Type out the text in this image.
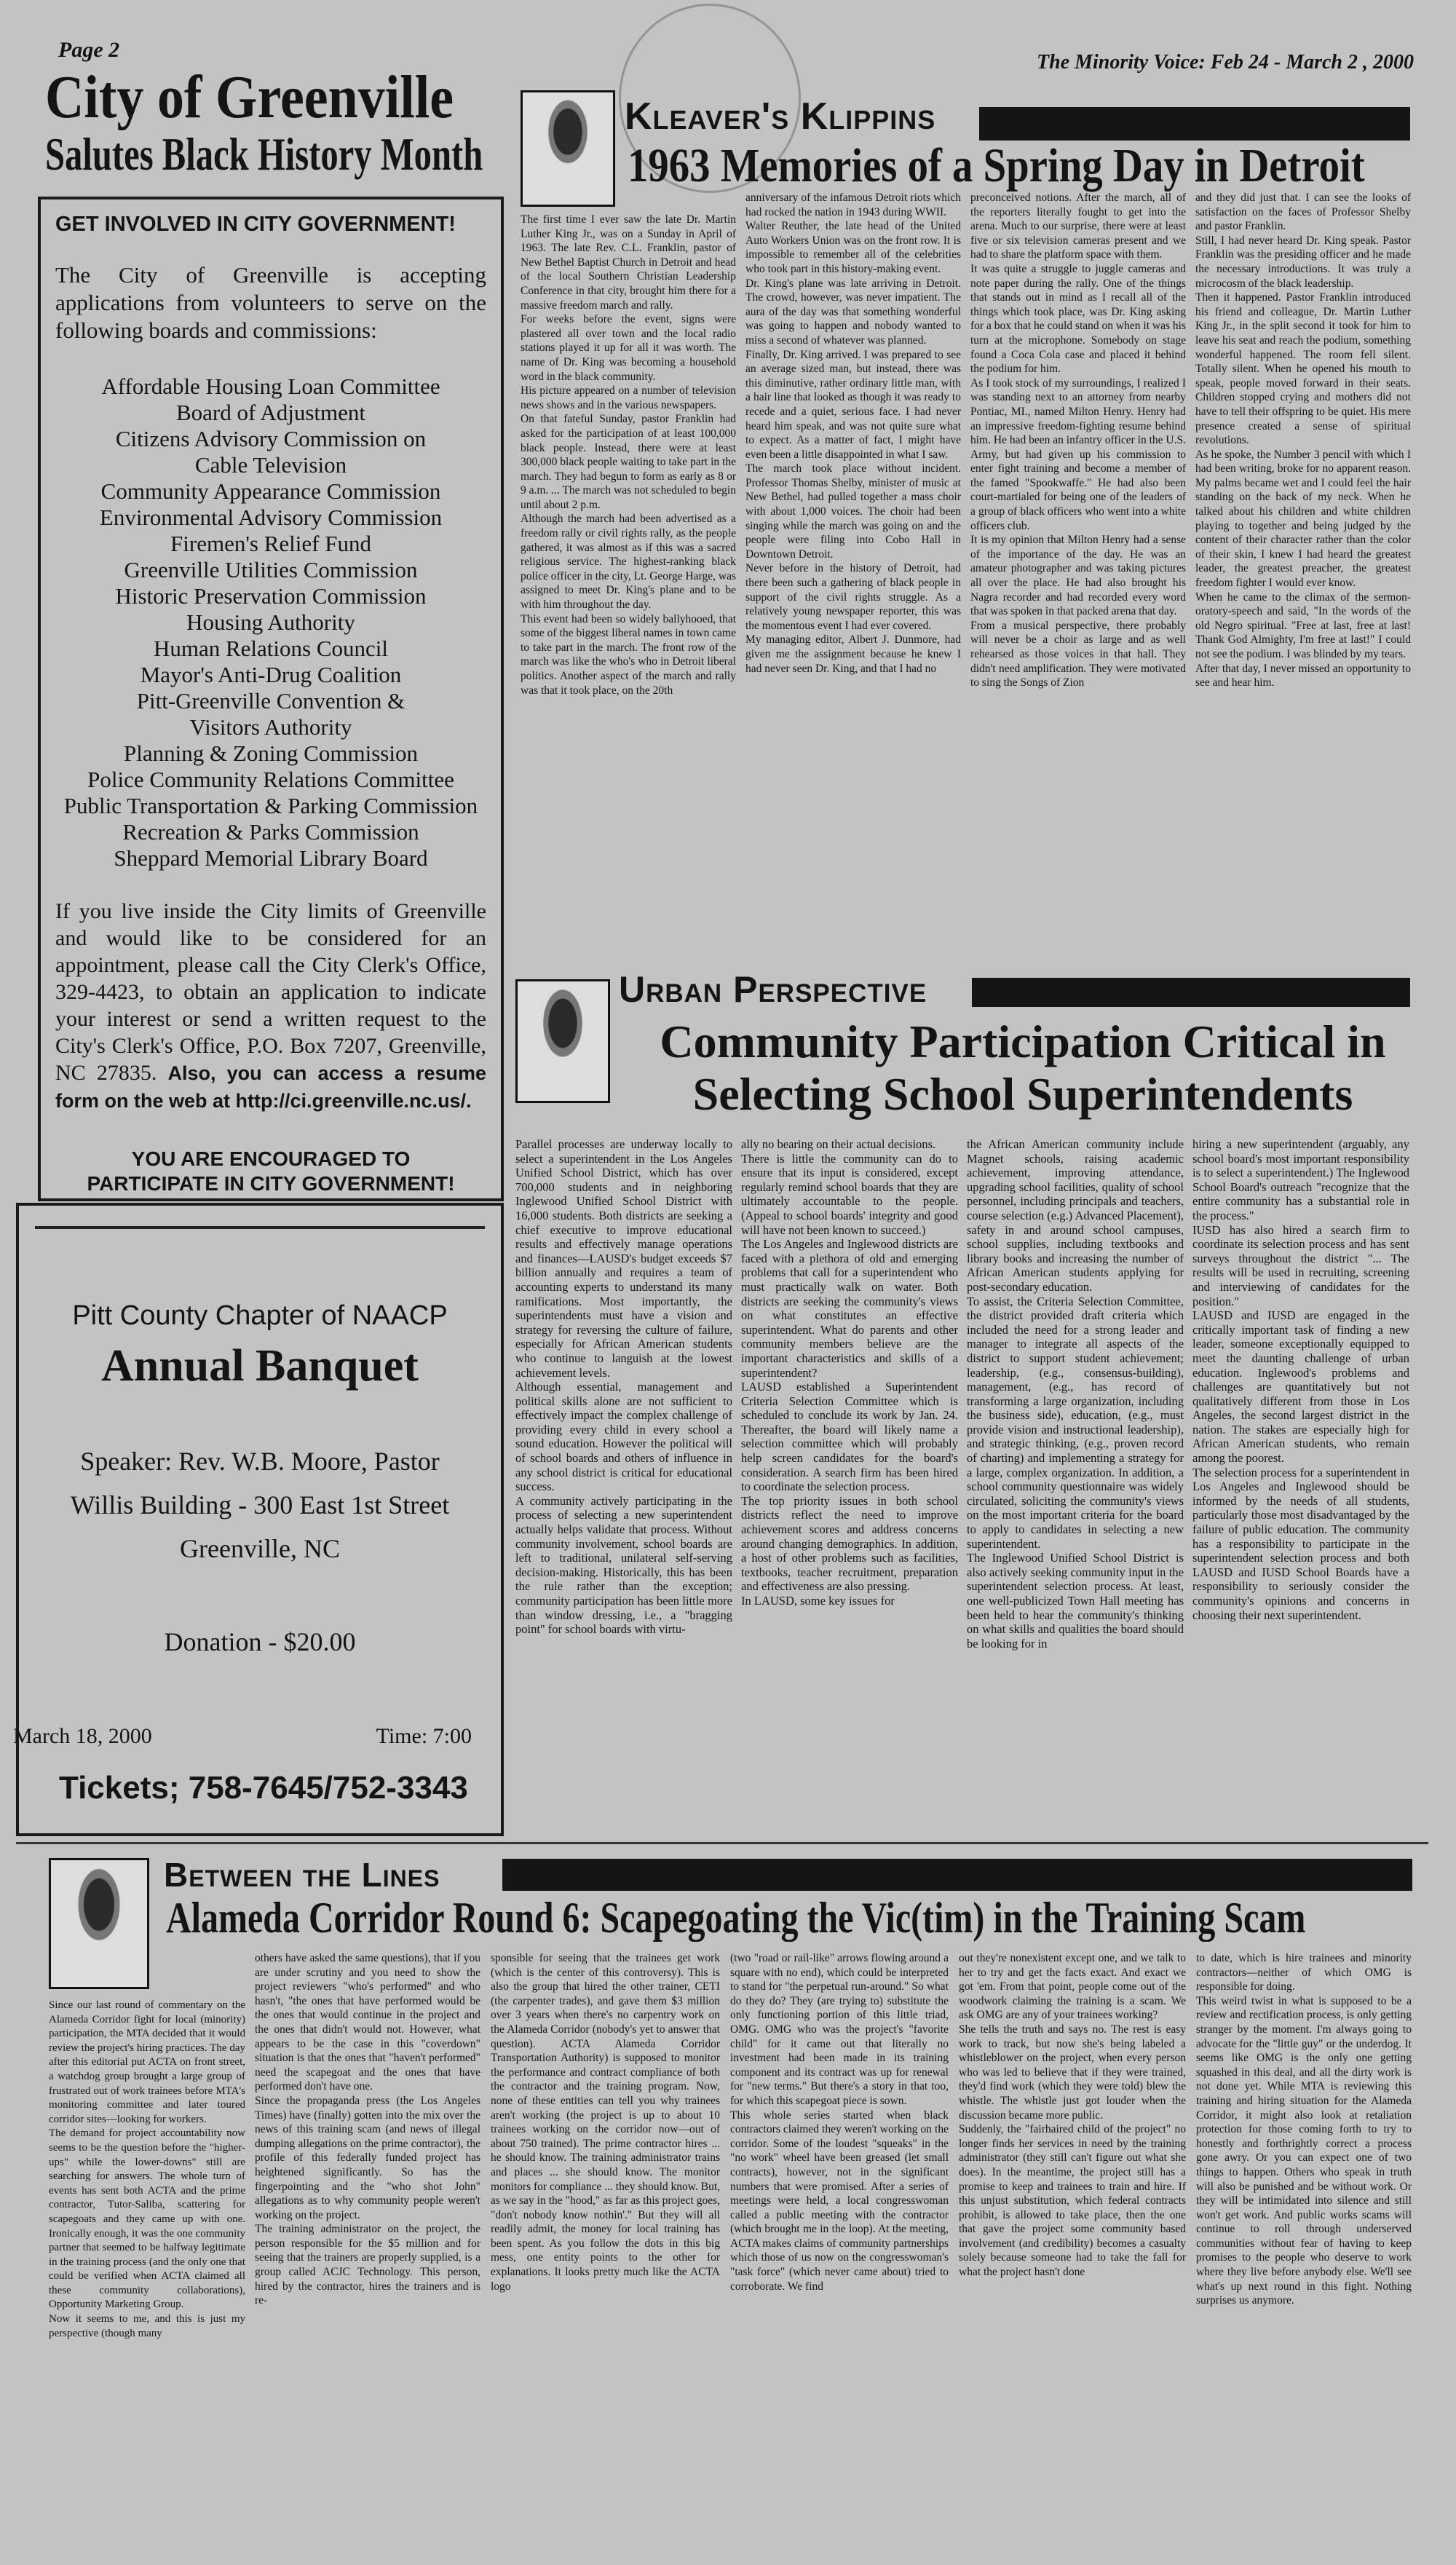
Page 2
The Minority Voice: Feb 24 - March 2 , 2000
City of Greenville Salutes Black History Month
GET INVOLVED IN CITY GOVERNMENT!
The City of Greenville is accepting applications from volunteers to serve on the following boards and commissions:
Affordable Housing Loan Committee
Board of Adjustment
Citizens Advisory Commission on
Cable Television
Community Appearance Commission
Environmental Advisory Commission
Firemen's Relief Fund
Greenville Utilities Commission
Historic Preservation Commission
Housing Authority
Human Relations Council
Mayor's Anti-Drug Coalition
Pitt-Greenville Convention &
Visitors Authority
Planning & Zoning Commission
Police Community Relations Committee
Public Transportation & Parking Commission
Recreation & Parks Commission
Sheppard Memorial Library Board
If you live inside the City limits of Greenville and would like to be considered for an appointment, please call the City Clerk's Office, 329-4423, to obtain an application to indicate your interest or send a written request to the City's Clerk's Office, P.O. Box 7207, Greenville, NC 27835. Also, you can access a resume form on the web at http://ci.greenville.nc.us/.
YOU ARE ENCOURAGED TO PARTICIPATE IN CITY GOVERNMENT!
Pitt County Chapter of NAACP
Annual Banquet
Speaker: Rev. W.B. Moore, Pastor
Willis Building - 300 East 1st Street
Greenville, NC
Donation - $20.00
March 18, 2000	Time: 7:00
Tickets; 758-7645/752-3343
Kleaver's Klippins
1963 Memories of a Spring Day in Detroit
The first time I ever saw the late Dr. Martin Luther King Jr., was on a Sunday in April of 1963. The late Rev. C.L. Franklin, pastor of New Bethel Baptist Church in Detroit and head of the local Southern Christian Leadership Conference in that city, brought him there for a massive freedom march and rally.
For weeks before the event, signs were plastered all over town and the local radio stations played it up for all it was worth. The name of Dr. King was becoming a household word in the black community.
His picture appeared on a number of television news shows and in the various newspapers.
On that fateful Sunday, pastor Franklin had asked for the participation of at least 100,000 black people. Instead, there were at least 300,000 black people waiting to take part in the march. They had begun to form as early as 8 or 9 a.m. ... The march was not scheduled to begin until about 2 p.m.
Although the march had been advertised as a freedom rally or civil rights rally, as the people gathered, it was almost as if this was a sacred religious service. The highest-ranking black police officer in the city, Lt. George Harge, was assigned to meet Dr. King's plane and to be with him throughout the day.
This event had been so widely ballyhooed, that some of the biggest liberal names in town came to take part in the march. The front row of the march was like the who's who in Detroit liberal politics. Another aspect of the march and rally was that it took place, on the 20th
anniversary of the infamous Detroit riots which had rocked the nation in 1943 during WWII.
Walter Reuther, the late head of the United Auto Workers Union was on the front row. It is impossible to remember all of the celebrities who took part in this history-making event.
Dr. King's plane was late arriving in Detroit. The crowd, however, was never impatient. The aura of the day was that something wonderful was going to happen and nobody wanted to miss a second of whatever was planned.
Finally, Dr. King arrived. I was prepared to see an average sized man, but instead, there was this diminutive, rather ordinary little man, with a hair line that looked as though it was ready to recede and a quiet, serious face. I had never heard him speak, and was not quite sure what to expect. As a matter of fact, I might have even been a little disappointed in what I saw.
The march took place without incident. Professor Thomas Shelby, minister of music at New Bethel, had pulled together a mass choir with about 1,000 voices. The choir had been singing while the march was going on and the people were filing into Cobo Hall in Downtown Detroit.
Never before in the history of Detroit, had there been such a gathering of black people in support of the civil rights struggle. As a relatively young newspaper reporter, this was the momentous event I had ever covered.
My managing editor, Albert J. Dunmore, had given me the assignment because he knew I had never seen Dr. King, and that I had no
preconceived notions. After the march, all of the reporters literally fought to get into the arena. Much to our surprise, there were at least five or six television cameras present and we had to share the platform space with them.
It was quite a struggle to juggle cameras and note paper during the rally. One of the things that stands out in mind as I recall all of the things which took place, was Dr. King asking for a box that he could stand on when it was his turn at the microphone. Somebody on stage found a Coca Cola case and placed it behind the podium for him.
As I took stock of my surroundings, I realized I was standing next to an attorney from nearby Pontiac, MI., named Milton Henry. Henry had an impressive freedom-fighting resume behind him. He had been an infantry officer in the U.S. Army, but had given up his commission to enter fight training and become a member of the famed "Spookwaffe." He had also been court-martialed for being one of the leaders of a group of black officers who went into a white officers club.
It is my opinion that Milton Henry had a sense of the importance of the day. He was an amateur photographer and was taking pictures all over the place. He had also brought his Nagra recorder and had recorded every word that was spoken in that packed arena that day.
From a musical perspective, there probably will never be a choir as large and as well rehearsed as those voices in that hall. They didn't need amplification. They were motivated to sing the Songs of Zion
and they did just that. I can see the looks of satisfaction on the faces of Professor Shelby and pastor Franklin.
Still, I had never heard Dr. King speak. Pastor Franklin was the presiding officer and he made the necessary introductions. It was truly a microcosm of the black leadership.
Then it happened. Pastor Franklin introduced his friend and colleague, Dr. Martin Luther King Jr., in the split second it took for him to leave his seat and reach the podium, something wonderful happened. The room fell silent. Totally silent. When he opened his mouth to speak, people moved forward in their seats. Children stopped crying and mothers did not have to tell their offspring to be quiet. His mere presence created a sense of spiritual revolutions.
As he spoke, the Number 3 pencil with which I had been writing, broke for no apparent reason. My palms became wet and I could feel the hair standing on the back of my neck. When he talked about his children and white children playing to together and being judged by the content of their character rather than the color of their skin, I knew I had heard the greatest leader, the greatest preacher, the greatest freedom fighter I would ever know.
When he came to the climax of the sermon-oratory-speech and said, "In the words of the old Negro spiritual. "Free at last, free at last! Thank God Almighty, I'm free at last!" I could not see the podium. I was blinded by my tears.
After that day, I never missed an opportunity to see and hear him.
Urban Perspective
Community Participation Critical in
Selecting School Superintendents
Parallel processes are underway locally to select a superintendent in the Los Angeles Unified School District, which has over 700,000 students and in neighboring Inglewood Unified School District with 16,000 students. Both districts are seeking a chief executive to improve educational results and effectively manage operations and finances—LAUSD's budget exceeds $7 billion annually and requires a team of accounting experts to understand its many ramifications. Most importantly, the superintendents must have a vision and strategy for reversing the culture of failure, especially for African American students who continue to languish at the lowest achievement levels.
Although essential, management and political skills alone are not sufficient to effectively impact the complex challenge of providing every child in every school a sound education. However the political will of school boards and others of influence in any school district is critical for educational success.
A community actively participating in the process of selecting a new superintendent actually helps validate that process. Without community involvement, school boards are left to traditional, unilateral self-serving decision-making. Historically, this has been the rule rather than the exception; community participation has been little more than window dressing, i.e., a "bragging point" for school boards with virtu-
ally no bearing on their actual decisions.
There is little the community can do to ensure that its input is considered, except regularly remind school boards that they are ultimately accountable to the people. (Appeal to school boards' integrity and good will have not been known to succeed.)
The Los Angeles and Inglewood districts are faced with a plethora of old and emerging problems that call for a superintendent who must practically walk on water. Both districts are seeking the community's views on what constitutes an effective superintendent. What do parents and other community members believe are the important characteristics and skills of a superintendent?
LAUSD established a Superintendent Criteria Selection Committee which is scheduled to conclude its work by Jan. 24. Thereafter, the board will likely name a selection committee which will probably help screen candidates for the board's consideration. A search firm has been hired to coordinate the selection process.
The top priority issues in both school districts reflect the need to improve achievement scores and address concerns around changing demographics. In addition, a host of other problems such as facilities, textbooks, teacher recruitment, preparation and effectiveness are also pressing.
In LAUSD, some key issues for
the African American community include Magnet schools, raising academic achievement, improving attendance, upgrading school facilities, quality of school personnel, including principals and teachers, course selection (e.g.) Advanced Placement), safety in and around school campuses, school supplies, including textbooks and library books and increasing the number of African American students applying for post-secondary education.
To assist, the Criteria Selection Committee, the district provided draft criteria which included the need for a strong leader and manager to integrate all aspects of the district to support student achievement; leadership, (e.g., consensus-building), management, (e.g., has record of transforming a large organization, including the business side), education, (e.g., must provide vision and instructional leadership), and strategic thinking, (e.g., proven record of charting) and implementing a strategy for a large, complex organization. In addition, a school community questionnaire was widely circulated, soliciting the community's views on the most important criteria for the board to apply to candidates in selecting a new superintendent.
The Inglewood Unified School District is also actively seeking community input in the superintendent selection process. At least, one well-publicized Town Hall meeting has been held to hear the community's thinking on what skills and qualities the board should be looking for in
hiring a new superintendent (arguably, any school board's most important responsibility is to select a superintendent.) The Inglewood School Board's outreach "recognize that the entire community has a substantial role in the process."
IUSD has also hired a search firm to coordinate its selection process and has sent surveys throughout the district "... The results will be used in recruiting, screening and interviewing of candidates for the position."
LAUSD and IUSD are engaged in the critically important task of finding a new leader, someone exceptionally equipped to meet the daunting challenge of urban education. Inglewood's problems and challenges are quantitatively but not qualitatively different from those in Los Angeles, the second largest district in the nation. The stakes are especially high for African American students, who remain among the poorest.
The selection process for a superintendent in Los Angeles and Inglewood should be informed by the needs of all students, particularly those most disadvantaged by the failure of public education. The community has a responsibility to participate in the superintendent selection process and both LAUSD and IUSD School Boards have a responsibility to seriously consider the community's opinions and concerns in choosing their next superintendent.
Between the Lines
Alameda Corridor Round 6: Scapegoating the Vic(tim) in the Training Scam
Since our last round of commentary on the Alameda Corridor fight for local (minority) participation, the MTA decided that it would review the project's hiring practices. The day after this editorial put ACTA on front street, a watchdog group brought a large group of frustrated out of work trainees before MTA's monitoring committee and later toured corridor sites—looking for workers.
The demand for project accountability now seems to be the question before the "higher-ups" while the lower-downs" still are searching for answers. The whole turn of events has sent both ACTA and the prime contractor, Tutor-Saliba, scattering for scapegoats and they came up with one. Ironically enough, it was the one community partner that seemed to be halfway legitimate in the training process (and the only one that could be verified when ACTA claimed all these community collaborations), Opportunity Marketing Group.
Now it seems to me, and this is just my perspective (though many
others have asked the same questions), that if you are under scrutiny and you need to show the project reviewers "who's performed" and who hasn't, "the ones that have performed would be the ones that would continue in the project and the ones that didn't would not. However, what appears to be the case in this "coverdown" situation is that the ones that "haven't performed" need the scapegoat and the ones that have performed don't have one.
Since the propaganda press (the Los Angeles Times) have (finally) gotten into the mix over the news of this training scam (and news of illegal dumping allegations on the prime contractor), the profile of this federally funded project has heightened significantly. So has the fingerpointing and the "who shot John" allegations as to why community people weren't working on the project.
The training administrator on the project, the person responsible for the $5 million and for seeing that the trainers are properly supplied, is a group called ACJC Technology. This person, hired by the contractor, hires the trainers and is re-
sponsible for seeing that the trainees get work (which is the center of this controversy). This is also the group that hired the other trainer, CETI (the carpenter trades), and gave them $3 million over 3 years when there's no carpentry work on the Alameda Corridor (nobody's yet to answer that question). ACTA Alameda Corridor Transportation Authority) is supposed to monitor the performance and contract compliance of both the contractor and the training program. Now, none of these entities can tell you why trainees aren't working (the project is up to about 10 trainees working on the corridor now—out of about 750 trained). The prime contractor hires ... he should know. The training administrator trains and places ... she should know. The monitor monitors for compliance ... they should know. But, as we say in the "hood," as far as this project goes, "don't nobody know nothin'." But they will all readily admit, the money for local training has been spent. As you follow the dots in this big mess, one entity points to the other for explanations. It looks pretty much like the ACTA logo
(two "road or rail-like" arrows flowing around a square with no end), which could be interpreted to stand for "the perpetual run-around." So what do they do? They (are trying to) substitute the only functioning portion of this little triad, OMG. OMG who was the project's "favorite child" for it came out that literally no investment had been made in its training component and its contract was up for renewal for "new terms." But there's a story in that too, for which this scapegoat piece is sown.
This whole series started when black contractors claimed they weren't working on the corridor. Some of the loudest "squeaks" in the "no work" wheel have been greased (let small contracts), however, not in the significant numbers that were promised. After a series of meetings were held, a local congresswoman called a public meeting with the contractor (which brought me in the loop). At the meeting, ACTA makes claims of community partnerships which those of us now on the congresswoman's "task force" (which never came about) tried to corroborate. We find
out they're nonexistent except one, and we talk to her to try and get the facts exact. And exact we got 'em. From that point, people come out of the woodwork claiming the training is a scam. We ask OMG are any of your trainees working?
She tells the truth and says no. The rest is easy work to track, but now she's being labeled a whistleblower on the project, when every person who was led to believe that if they were trained, they'd find work (which they were told) blew the whistle. The whistle just got louder when the discussion became more public.
Suddenly, the "fairhaired child of the project" no longer finds her services in need by the training administrator (they still can't figure out what she does). In the meantime, the project still has a promise to keep and trainees to train and hire. If this unjust substitution, which federal contracts prohibit, is allowed to take place, then the one that gave the project some community based involvement (and credibility) becomes a casualty solely because someone had to take the fall for what the project hasn't done
to date, which is hire trainees and minority contractors—neither of which OMG is responsible for doing.
This weird twist in what is supposed to be a review and rectification process, is only getting stranger by the moment. I'm always going to advocate for the "little guy" or the underdog. It seems like OMG is the only one getting squashed in this deal, and all the dirty work is not done yet. While MTA is reviewing this training and hiring situation for the Alameda Corridor, it might also look at retaliation protection for those coming forth to try to honestly and forthrightly correct a process gone awry. Or you can expect one of two things to happen. Others who speak in truth will also be punished and be without work. Or they will be intimidated into silence and still won't get work. And public works scams will continue to roll through underserved communities without fear of having to keep promises to the people who deserve to work where they live before anybody else. We'll see what's up next round in this fight. Nothing surprises us anymore.
